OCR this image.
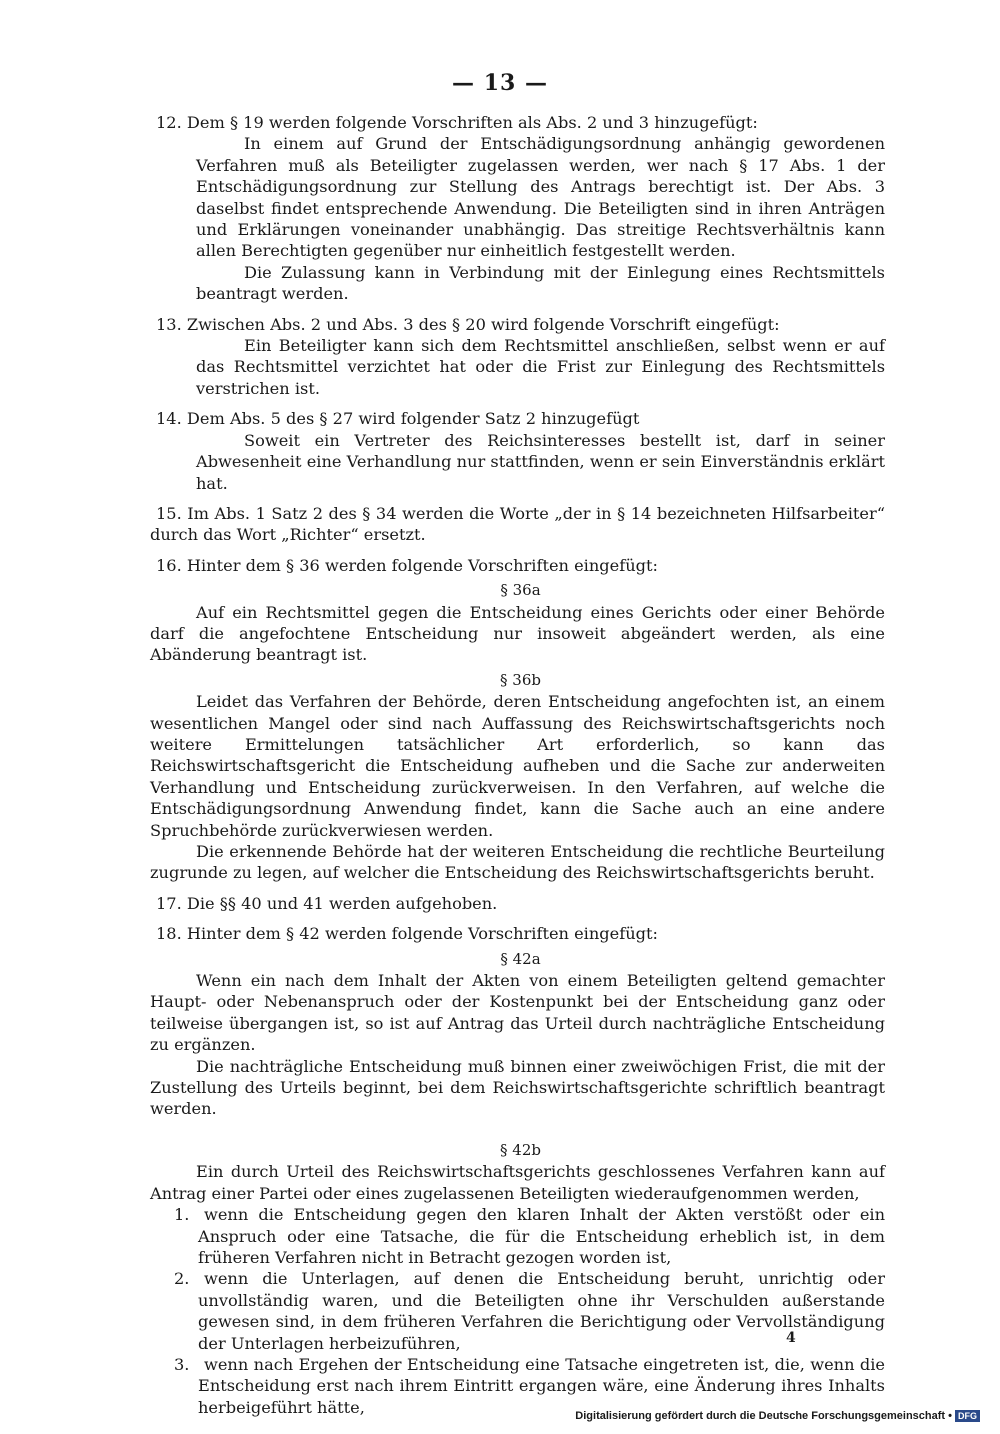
— 13 —

12. Dem § 19 werden folgende Vorschriften als Abs. 2 und 3 hinzugefügt:

In einem auf Grund der Entschädigungsordnung anhängig gewordenen Verfahren muß als Beteiligter zugelassen werden, wer nach § 17 Abs. 1 der Entschädigungsordnung zur Stellung des Antrags berechtigt ist. Der Abs. 3 daselbst findet entsprechende Anwendung. Die Beteiligten sind in ihren Anträgen und Erklärungen voneinander unabhängig. Das streitige Rechtsverhältnis kann allen Berechtigten gegenüber nur einheitlich festgestellt werden.

Die Zulassung kann in Verbindung mit der Einlegung eines Rechtsmittels beantragt werden.

13. Zwischen Abs. 2 und Abs. 3 des § 20 wird folgende Vorschrift eingefügt:

Ein Beteiligter kann sich dem Rechtsmittel anschließen, selbst wenn er auf das Rechtsmittel verzichtet hat oder die Frist zur Einlegung des Rechtsmittels verstrichen ist.

14. Dem Abs. 5 des § 27 wird folgender Satz 2 hinzugefügt

Soweit ein Vertreter des Reichsinteresses bestellt ist, darf in seiner Abwesenheit eine Verhandlung nur stattfinden, wenn er sein Einverständnis erklärt hat.

15. Im Abs. 1 Satz 2 des § 34 werden die Worte „der in § 14 bezeichneten Hilfsarbeiter“ durch das Wort „Richter“ ersetzt.

16. Hinter dem § 36 werden folgende Vorschriften eingefügt:

§ 36a

Auf ein Rechtsmittel gegen die Entscheidung eines Gerichts oder einer Behörde darf die angefochtene Entscheidung nur insoweit abgeändert werden, als eine Abänderung beantragt ist.

§ 36b

Leidet das Verfahren der Behörde, deren Entscheidung angefochten ist, an einem wesentlichen Mangel oder sind nach Auffassung des Reichswirtschaftsgerichts noch weitere Ermittelungen tatsächlicher Art erforderlich, so kann das Reichswirtschaftsgericht die Entscheidung aufheben und die Sache zur anderweiten Verhandlung und Entscheidung zurückverweisen. In den Verfahren, auf welche die Entschädigungsordnung Anwendung findet, kann die Sache auch an eine andere Spruchbehörde zurückverwiesen werden.

Die erkennende Behörde hat der weiteren Entscheidung die rechtliche Beurteilung zugrunde zu legen, auf welcher die Entscheidung des Reichswirtschaftsgerichts beruht.

17. Die §§ 40 und 41 werden aufgehoben.

18. Hinter dem § 42 werden folgende Vorschriften eingefügt:

§ 42a

Wenn ein nach dem Inhalt der Akten von einem Beteiligten geltend gemachter Haupt- oder Nebenanspruch oder der Kostenpunkt bei der Entscheidung ganz oder teilweise übergangen ist, so ist auf Antrag das Urteil durch nachträgliche Entscheidung zu ergänzen.

Die nachträgliche Entscheidung muß binnen einer zweiwöchigen Frist, die mit der Zustellung des Urteils beginnt, bei dem Reichswirtschaftsgerichte schriftlich beantragt werden.

§ 42b

Ein durch Urteil des Reichswirtschaftsgerichts geschlossenes Verfahren kann auf Antrag einer Partei oder eines zugelassenen Beteiligten wiederaufgenommen werden,

1. wenn die Entscheidung gegen den klaren Inhalt der Akten verstößt oder ein Anspruch oder eine Tatsache, die für die Entscheidung erheblich ist, in dem früheren Verfahren nicht in Betracht gezogen worden ist,
2. wenn die Unterlagen, auf denen die Entscheidung beruht, unrichtig oder unvollständig waren, und die Beteiligten ohne ihr Verschulden außerstande gewesen sind, in dem früheren Verfahren die Berichtigung oder Vervollständigung der Unterlagen herbeizuführen,
3. wenn nach Ergehen der Entscheidung eine Tatsache eingetreten ist, die, wenn die Entscheidung erst nach ihrem Eintritt ergangen wäre, eine Änderung ihres Inhalts herbeigeführt hätte,
4
Digitalisierung gefördert durch die Deutsche Forschungsgemeinschaft • DFG
